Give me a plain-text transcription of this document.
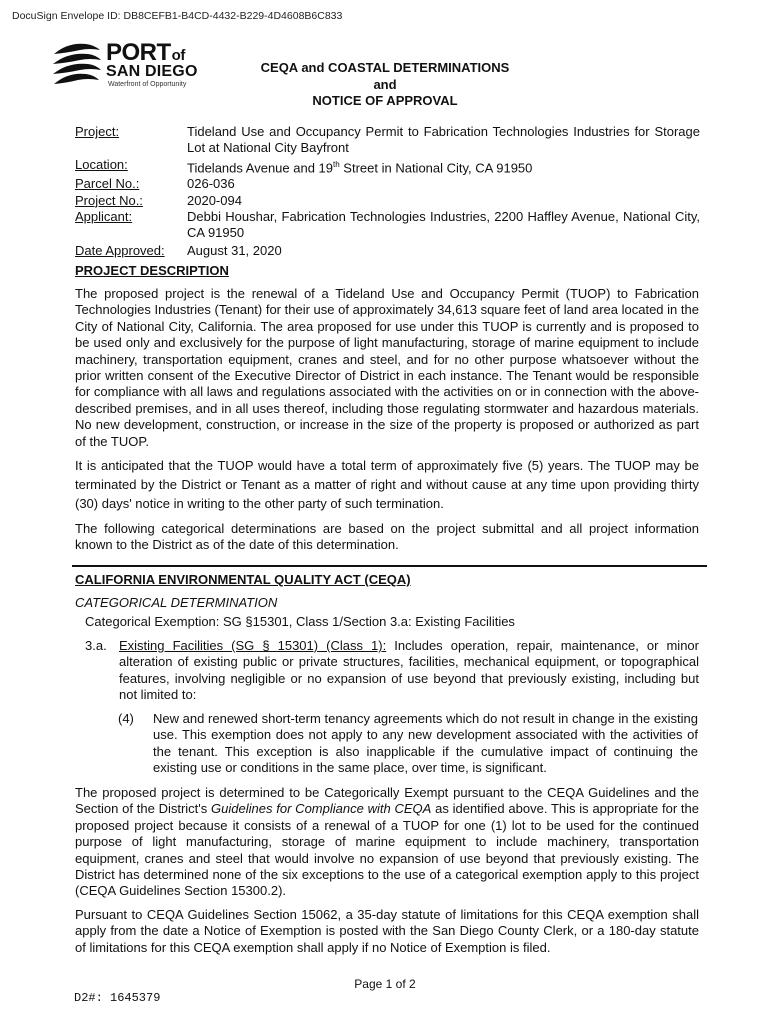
DocuSign Envelope ID: DB8CEFB1-B4CD-4432-B229-4D4608B6C833
PORTof
SAN DIEGO
Waterfront of Opportunity
CEQA and COASTAL DETERMINATIONS
and
NOTICE OF APPROVAL
Project:	Tideland Use and Occupancy Permit to Fabrication Technologies Industries for Storage Lot at National City Bayfront
Location:	Tidelands Avenue and 19th Street in National City, CA 91950
Parcel No.:	026-036
Project No.:	2020-094
Applicant:	Debbi Houshar, Fabrication Technologies Industries, 2200 Haffley Avenue, National City, CA 91950
Date Approved:	August 31, 2020
PROJECT DESCRIPTION

The proposed project is the renewal of a Tideland Use and Occupancy Permit (TUOP) to Fabrication Technologies Industries (Tenant) for their use of approximately 34,613 square feet of land area located in the City of National City, California. The area proposed for use under this TUOP is currently and is proposed to be used only and exclusively for the purpose of light manufacturing, storage of marine equipment to include machinery, transportation equipment, cranes and steel, and for no other purpose whatsoever without the prior written consent of the Executive Director of District in each instance. The Tenant would be responsible for compliance with all laws and regulations associated with the activities on or in connection with the above-described premises, and in all uses thereof, including those regulating stormwater and hazardous materials. No new development, construction, or increase in the size of the property is proposed or authorized as part of the TUOP.

It is anticipated that the TUOP would have a total term of approximately five (5) years. The TUOP may be terminated by the District or Tenant as a matter of right and without cause at any time upon providing thirty (30) days' notice in writing to the other party of such termination.

The following categorical determinations are based on the project submittal and all project information known to the District as of the date of this determination.

CALIFORNIA ENVIRONMENTAL QUALITY ACT (CEQA)
CATEGORICAL DETERMINATION
Categorical Exemption: SG §15301, Class 1/Section 3.a: Existing Facilities
3.a. Existing Facilities (SG § 15301) (Class 1): Includes operation, repair, maintenance, or minor alteration of existing public or private structures, facilities, mechanical equipment, or topographical features, involving negligible or no expansion of use beyond that previously existing, including but not limited to:
(4)	New and renewed short-term tenancy agreements which do not result in change in the existing use. This exemption does not apply to any new development associated with the activities of the tenant. This exception is also inapplicable if the cumulative impact of continuing the existing use or conditions in the same place, over time, is significant.

The proposed project is determined to be Categorically Exempt pursuant to the CEQA Guidelines and the Section of the District's Guidelines for Compliance with CEQA as identified above. This is appropriate for the proposed project because it consists of a renewal of a TUOP for one (1) lot to be used for the continued purpose of light manufacturing, storage of marine equipment to include machinery, transportation equipment, cranes and steel that would involve no expansion of use beyond that previously existing. The District has determined none of the six exceptions to the use of a categorical exemption apply to this project (CEQA Guidelines Section 15300.2).

Pursuant to CEQA Guidelines Section 15062, a 35-day statute of limitations for this CEQA exemption shall apply from the date a Notice of Exemption is posted with the San Diego County Clerk, or a 180-day statute of limitations for this CEQA exemption shall apply if no Notice of Exemption is filed.

Page 1 of 2
D2#: 1645379
